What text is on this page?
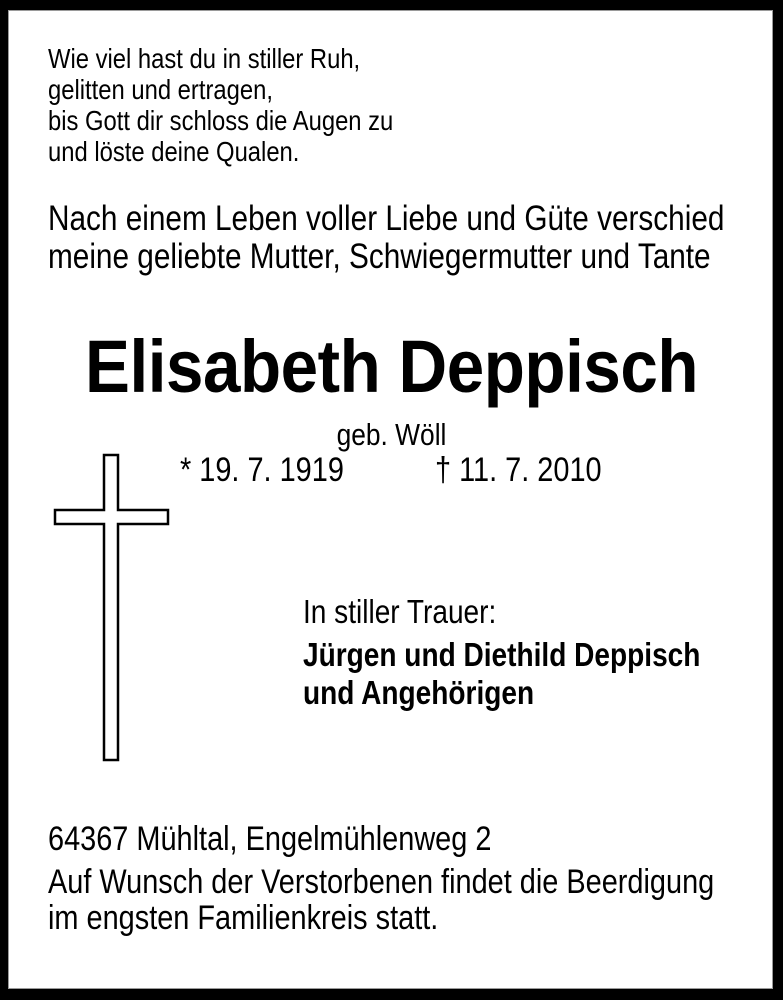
Wie viel hast du in stiller Ruh,
gelitten und ertragen,
bis Gott dir schloss die Augen zu
und löste deine Qualen.
Nach einem Leben voller Liebe und Güte verschied
meine geliebte Mutter, Schwiegermutter und Tante
Elisabeth Deppisch
geb. Wöll
* 19. 7. 1919	† 11. 7. 2010
In stiller Trauer:
Jürgen und Diethild Deppisch
und Angehörigen
64367 Mühltal, Engelmühlenweg 2
Auf Wunsch der Verstorbenen findet die Beerdigung
im engsten Familienkreis statt.
